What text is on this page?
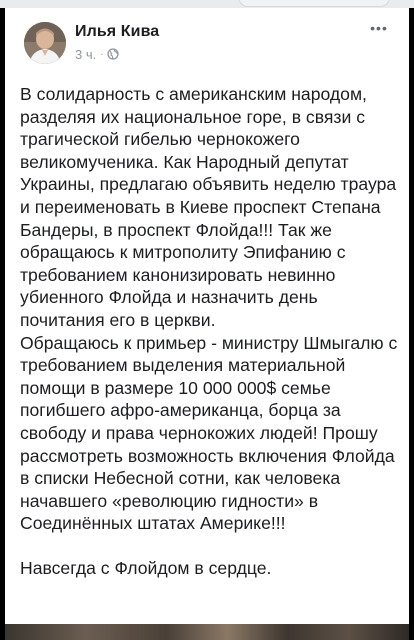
Илья Кива
3 ч. ·
•••

В солидарность с американским народом, разделяя их национальное горе, в связи с трагической гибелью чернокожего великомученика. Как Народный депутат Украины, предлагаю объявить неделю траура и переименовать в Киеве проспект Степана Бандеры, в проспект Флойда!!! Так же обращаюсь к митрополиту Эпифанию с требованием канонизировать невинно убиенного Флойда и назначить день почитания его в церкви.

Обращаюсь к примьер - министру Шмыгалю с требованием выделения материальной помощи в размере 10 000 000$ семье погибшего афро-американца, борца за свободу и права чернокожих людей! Прошу рассмотреть возможность включения Флойда в списки Небесной сотни, как человека начавшего «революцию гидности» в Соединённых штатах Америке!!!

Навсегда с Флойдом в сердце.
